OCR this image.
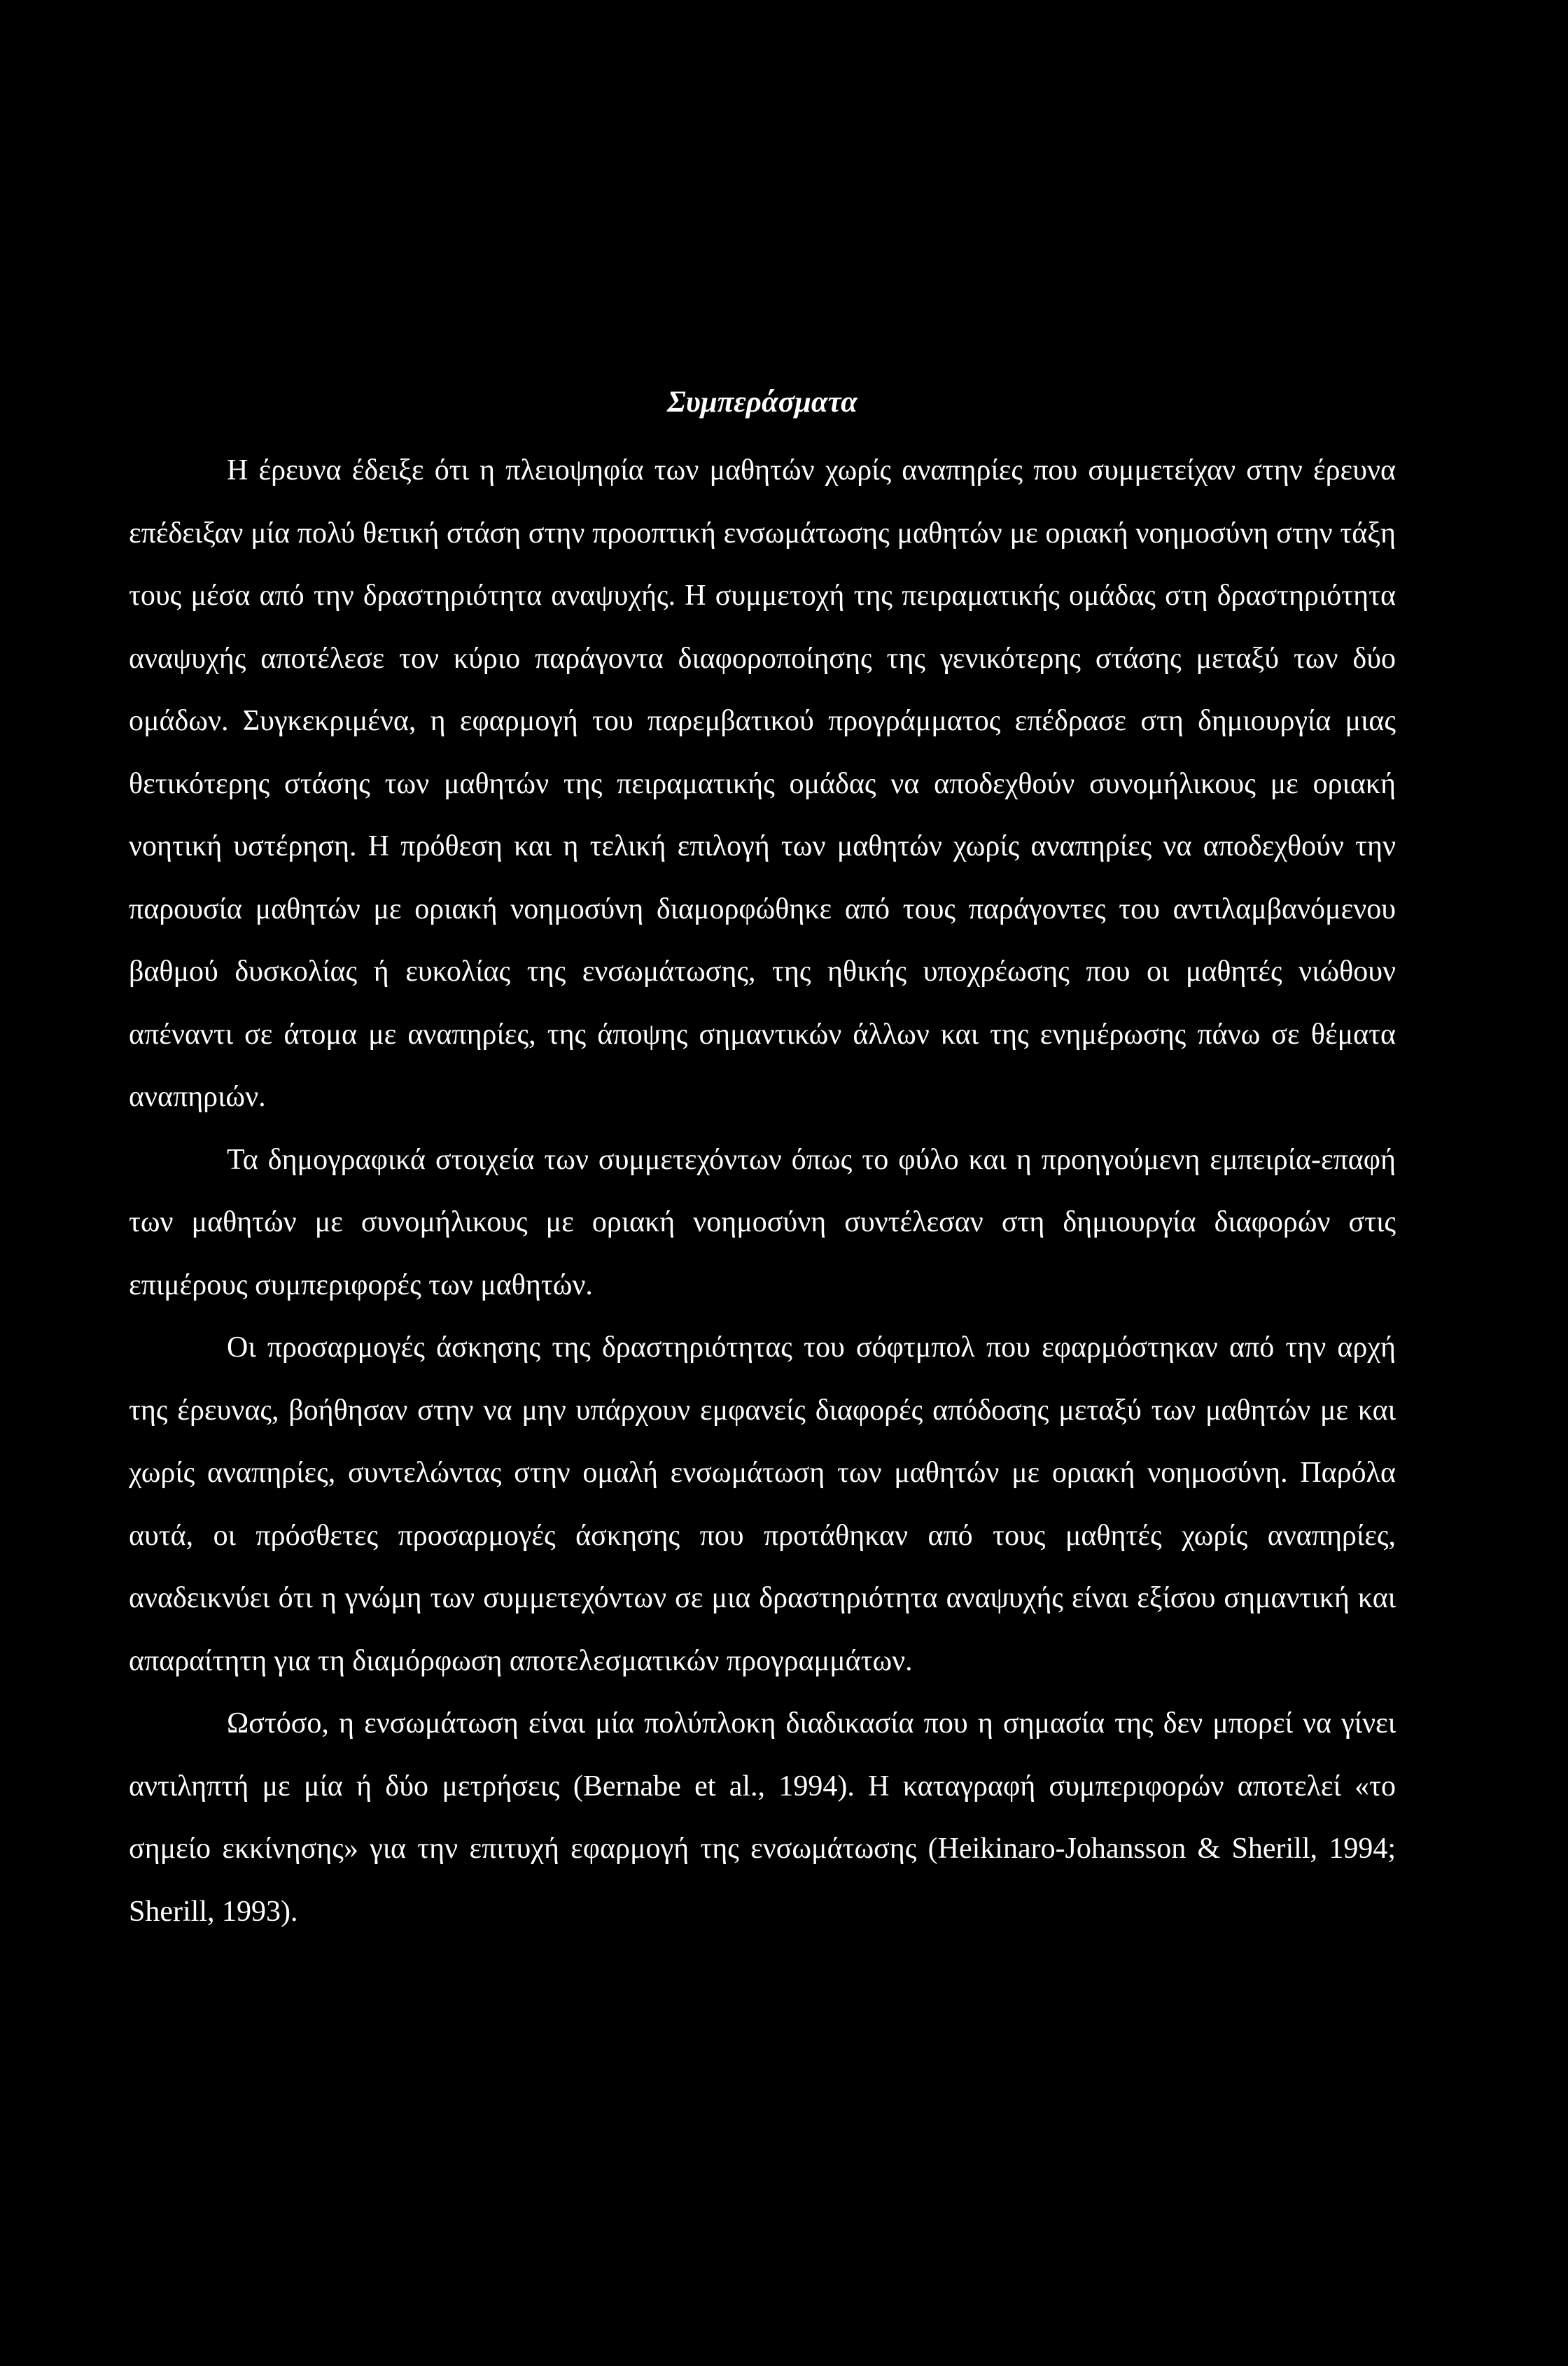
Συμπεράσματα

Η έρευνα έδειξε ότι η πλειοψηφία των μαθητών χωρίς αναπηρίες που συμμετείχαν στην έρευνα επέδειξαν μία πολύ θετική στάση στην προοπτική ενσωμάτωσης μαθητών με οριακή νοημοσύνη στην τάξη τους μέσα από την δραστηριότητα αναψυχής. Η συμμετοχή της πειραματικής ομάδας στη δραστηριότητα αναψυχής αποτέλεσε τον κύριο παράγοντα διαφοροποίησης της γενικότερης στάσης μεταξύ των δύο ομάδων. Συγκεκριμένα, η εφαρμογή του παρεμβατικού προγράμματος επέδρασε στη δημιουργία μιας θετικότερης στάσης των μαθητών της πειραματικής ομάδας να αποδεχθούν συνομήλικους με οριακή νοητική υστέρηση. Η πρόθεση και η τελική επιλογή των μαθητών χωρίς αναπηρίες να αποδεχθούν την παρουσία μαθητών με οριακή νοημοσύνη διαμορφώθηκε από τους παράγοντες του αντιλαμβανόμενου βαθμού δυσκολίας ή ευκολίας της ενσωμάτωσης, της ηθικής υποχρέωσης που οι μαθητές νιώθουν απέναντι σε άτομα με αναπηρίες, της άποψης σημαντικών άλλων και της ενημέρωσης πάνω σε θέματα αναπηριών.

Τα δημογραφικά στοιχεία των συμμετεχόντων όπως το φύλο και η προηγούμενη εμπειρία-επαφή των μαθητών με συνομήλικους με οριακή νοημοσύνη συντέλεσαν στη δημιουργία διαφορών στις επιμέρους συμπεριφορές των μαθητών.

Οι προσαρμογές άσκησης της δραστηριότητας του σόφτμπολ που εφαρμόστηκαν από την αρχή της έρευνας, βοήθησαν στην να μην υπάρχουν εμφανείς διαφορές απόδοσης μεταξύ των μαθητών με και χωρίς αναπηρίες, συντελώντας στην ομαλή ενσωμάτωση των μαθητών με οριακή νοημοσύνη. Παρόλα αυτά, οι πρόσθετες προσαρμογές άσκησης που προτάθηκαν από τους μαθητές χωρίς αναπηρίες, αναδεικνύει ότι η γνώμη των συμμετεχόντων σε μια δραστηριότητα αναψυχής είναι εξίσου σημαντική και απαραίτητη για τη διαμόρφωση αποτελεσματικών προγραμμάτων.

Ωστόσο, η ενσωμάτωση είναι μία πολύπλοκη διαδικασία που η σημασία της δεν μπορεί να γίνει αντιληπτή με μία ή δύο μετρήσεις (Bernabe et al., 1994). Η καταγραφή συμπεριφορών αποτελεί «το σημείο εκκίνησης» για την επιτυχή εφαρμογή της ενσωμάτωσης (Heikinaro-Johansson & Sherill, 1994; Sherill, 1993).
